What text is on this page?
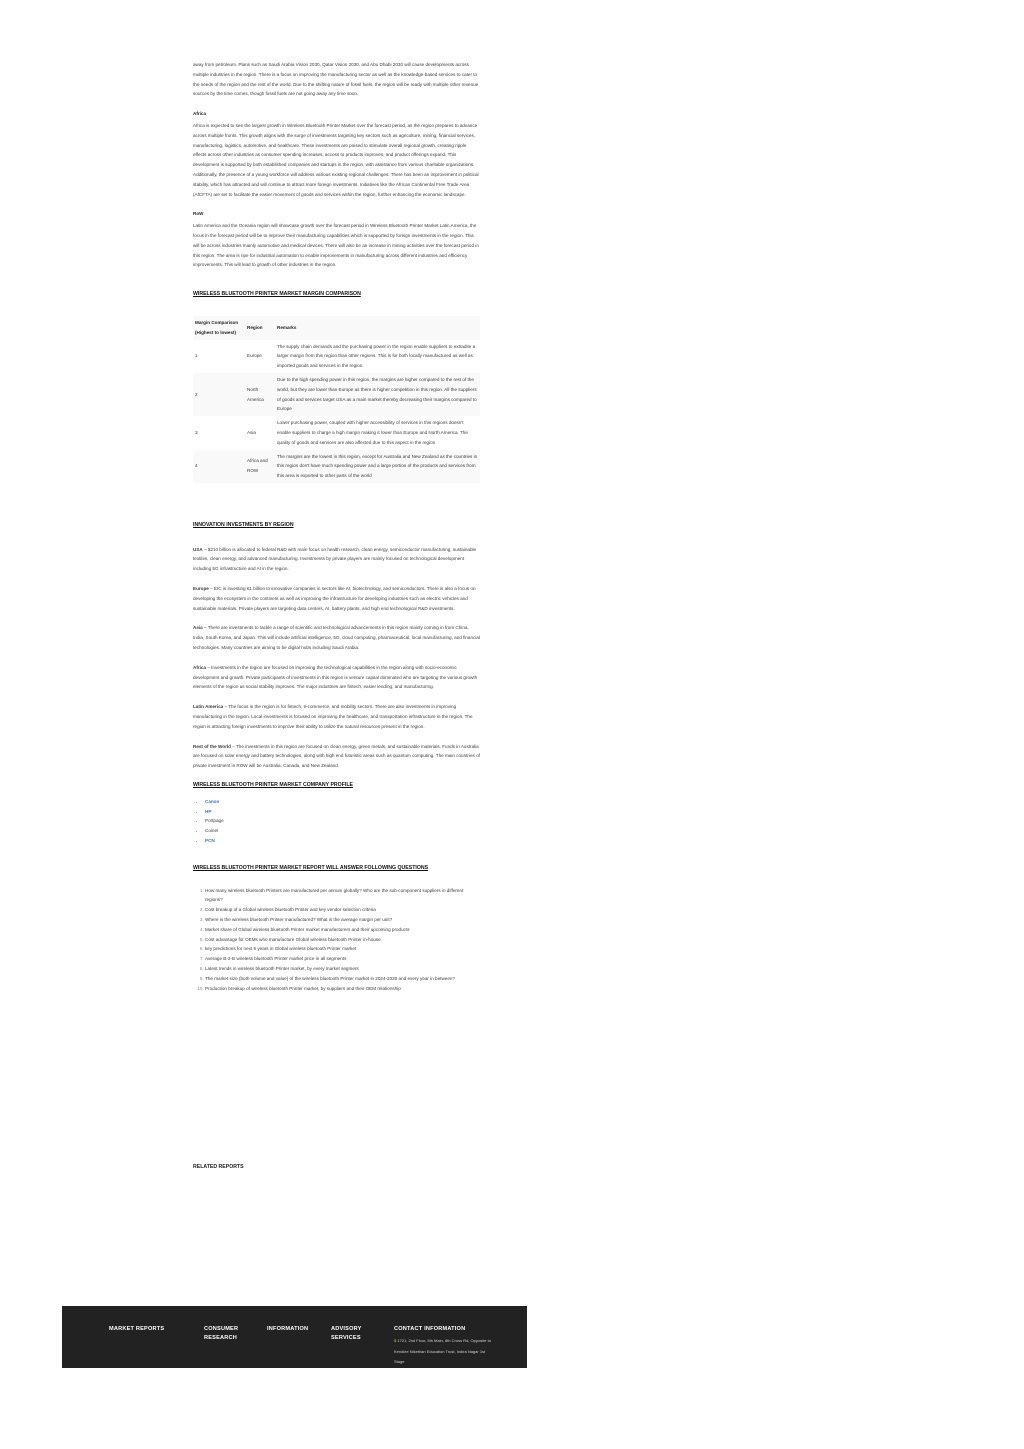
away from petroleum. Plans such as Saudi Arabia Vision 2030, Qatar Vision 2030, and Abu Dhabi 2030 will cause developments across multiple industries in the region. There is a focus on improving the manufacturing sector as well as the knowledge-based services to cater to the needs of the region and the rest of the world. Due to the shifting nature of fossil fuels, the region will be ready with multiple other revenue sources by the time comes, though fossil fuels are not going away any time soon.

Africa

Africa is expected to see the largest growth in Wireless Bluetooth Printer Market over the forecast period, as the region prepares to advance across multiple fronts. This growth aligns with the surge of investments targeting key sectors such as agriculture, mining, financial services, manufacturing, logistics, automotive, and healthcare. These investments are poised to stimulate overall regional growth, creating ripple effects across other industries as consumer spending increases, access to products improves, and product offerings expand. This development is supported by both established companies and startups in the region, with assistance from various charitable organizations. Additionally, the presence of a young workforce will address various existing regional challenges. There has been an improvement in political stability, which has attracted and will continue to attract more foreign investments. Initiatives like the African Continental Free Trade Area (AfCFTA) are set to facilitate the easier movement of goods and services within the region, further enhancing the economic landscape.

RoW

Latin America and the Oceania region will showcase growth over the forecast period in Wireless Bluetooth Printer Market Latin America, the focus in the forecast period will be to improve their manufacturing capabilities which is supported by foreign investments in the region. This will be across industries mainly automotive and medical devices. There will also be an increase in mining activities over the forecast period in this region. The area is ripe for industrial automation to enable improvements in manufacturing across different industries and efficiency improvements. This will lead to growth of other industries in the region.

WIRELESS BLUETOOTH PRINTER MARKET MARGIN COMPARISON

Margin Comparison (Highest to lowest)	Region	Remarks
1	Europe	The supply chain demands and the purchasing power in the region enable suppliers to extradite a larger margin from this region than other regions. This is for both locally manufactured as well as imported goods and services in the region.
2	North America	Due to the high spending power in this region, the margins are higher compared to the rest of the world, but they are lower than Europe as there is higher competition in this region. All the suppliers of goods and services target USA as a main market thereby decreasing their margins compared to Europe
3	Asia	Lower purchasing power, coupled with higher accessibility of services in this regions doesn't enable suppliers to charge a high margin making it lower than Europe and North America. The quality of goods and services are also affected due to this aspect in the region
4	Africa and ROW	The margins are the lowest in this region, except for Australia and New Zealand as the countries in this region don't have much spending power and a large portion of the products and services from this area is exported to other parts of the world

INNOVATION INVESTMENTS BY REGION

USA – $210 billion is allocated to federal R&D with main focus on health research, clean energy, semiconductor manufacturing, sustainable textiles, clean energy, and advanced manufacturing. Investments by private players are mainly focused on technological development including 5G infrastructure and AI in the region.

Europe – EIC is investing €1 billion to innovative companies in sectors like AI, biotechnology, and semiconductors. There is also a focus on developing the ecosystem in the continent as well as improving the infrastructure for developing industries such as electric vehicles and sustainable materials. Private players are targeting data centers, AI, battery plants, and high end technological R&D investments.

Asia – There are investments to tackle a range of scientific and technological advancements in this region mainly coming in from China, India, South Korea, and Japan. This will include artificial intelligence, 5G, cloud computing, pharmaceutical, local manufacturing, and financial technologies. Many countries are aiming to be digital hubs including Saudi Arabia.

Africa – Investments in the region are focused on improving the technological capabilities in the region along with socio-economic development and growth. Private participants of investments in this region is venture capital dominated who are targeting the various growth elements of the region as social stability improves. The major industries are fintech, easier lending, and manufacturing.

Latin America – The focus in the region is for fintech, e-commerce, and mobility sectors. There are also investments in improving manufacturing in the region. Local investments is focused on improving the healthcare, and transportation infrastructure in the region. The region is attracting foreign investments to improve their ability to utilize the natural resources present in the region.

Rest of the World – The investments in this region are focused on clean energy, green metals, and sustainable materials. Funds in Australia are focused on solar energy and battery technologies, along with high end futuristic areas such as quantum computing. The main countries of private investment in ROW will be Australia, Canada, and New Zealand.

WIRELESS BLUETOOTH PRINTER MARKET COMPANY PROFILE

• Canon
• HP
• Portpage
• Coinel
• PCN

WIRELESS BLUETOOTH PRINTER MARKET REPORT WILL ANSWER FOLLOWING QUESTIONS

1. How many wireless bluetooth Printers are manufactured per annum globally? Who are the sub-component suppliers in different regions?
2. Cost breakup of a Global wireless bluetooth Printer and key vendor selection criteria
3. Where is the wireless bluetooth Printer manufactured? What is the average margin per unit?
4. Market share of Global wireless bluetooth Printer market manufacturers and their upcoming products
5. Cost advantage for OEMs who manufacture Global wireless bluetooth Printer in-house
6. key predictions for next 5 years in Global wireless bluetooth Printer market
7. Average B-2-B wireless bluetooth Printer market price in all segments
8. Latest trends in wireless bluetooth Printer market, by every market segment
9. The market size (both volume and value) of the wireless bluetooth Printer market in 2024-2030 and every year in between?
10. Production breakup of wireless bluetooth Printer market, by suppliers and their OEM relationship
RELATED REPORTS
MARKET REPORTS	CONSUMER RESEARCH
INFORMATION	ADVISORY SERVICES
CONTACT INFORMATION
$ 1721, 2nd Floor, 5th Main, 6th Cross Rd, Opposite to Kendiee Nikethan Education Trust, Indira Nagar 1st Stage
